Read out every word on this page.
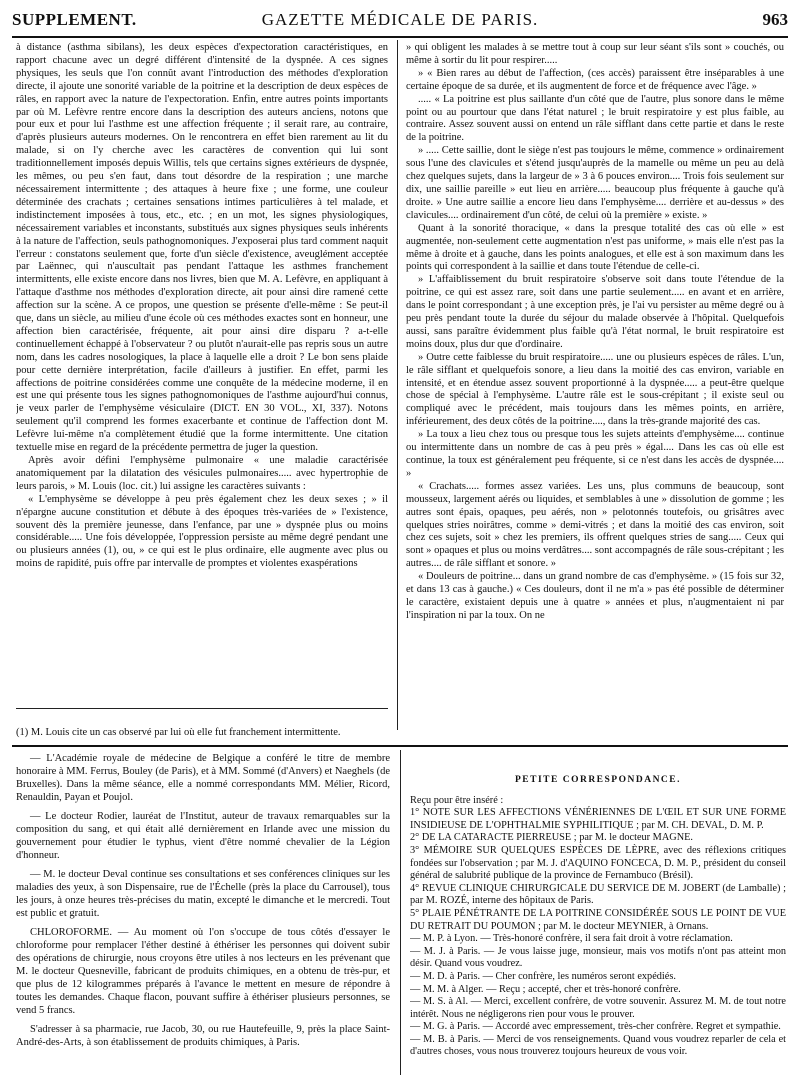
SUPPLEMENT.	GAZETTE MÉDICALE DE PARIS.	963

à distance (asthma sibilans), les deux espèces d'expectoration caractéristiques, en rapport chacune avec un degré différent d'intensité de la dyspnée. A ces signes physiques, les seuls que l'on connût avant l'introduction des méthodes d'exploration directe, il ajoute une sonorité variable de la poitrine et la description de deux espèces de râles, en rapport avec la nature de l'expectoration. Enfin, entre autres points importants par où M. Lefèvre rentre encore dans la description des auteurs anciens, notons que pour eux et pour lui l'asthme est une affection fréquente ; il serait rare, au contraire, d'après plusieurs auteurs modernes. On le rencontrera en effet bien rarement au lit du malade, si on l'y cherche avec les caractères de convention qui lui sont traditionnellement imposés depuis Willis, tels que certains signes extérieurs de dyspnée, les mêmes, ou peu s'en faut, dans tout désordre de la respiration ; une marche nécessairement intermittente ; des attaques à heure fixe ; une forme, une couleur déterminée des crachats ; certaines sensations intimes particulières à tel malade, et indistinctement imposées à tous, etc., etc. ; en un mot, les signes physiologiques, nécessairement variables et inconstants, substitués aux signes physiques seuls inhérents à la nature de l'affection, seuls pathognomoniques. J'exposerai plus tard comment naquit l'erreur : constatons seulement que, forte d'un siècle d'existence, aveuglément acceptée par Laënnec, qui n'auscultait pas pendant l'attaque les asthmes franchement intermittents, elle existe encore dans nos livres, bien que M. A. Lefèvre, en appliquant à l'attaque d'asthme nos méthodes d'exploration directe, ait pour ainsi dire ramené cette affection sur la scène. A ce propos, une question se présente d'elle-même : Se peut-il que, dans un siècle, au milieu d'une école où ces méthodes exactes sont en honneur, une affection bien caractérisée, fréquente, ait pour ainsi dire disparu ? a-t-elle continuellement échappé à l'observateur ? ou plutôt n'aurait-elle pas repris sous un autre nom, dans les cadres nosologiques, la place à laquelle elle a droit ? Le bon sens plaide pour cette dernière interprétation, facile d'ailleurs à justifier. En effet, parmi les affections de poitrine considérées comme une conquête de la médecine moderne, il en est une qui présente tous les signes pathognomoniques de l'asthme aujourd'hui connus, je veux parler de l'emphysème vésiculaire (DICT. EN 30 VOL., XI, 337). Notons seulement qu'il comprend les formes exacerbante et continue de l'affection dont M. Lefèvre lui-même n'a complètement étudié que la forme intermittente. Une citation textuelle mise en regard de la précédente permettra de juger la question.

Après avoir défini l'emphysème pulmonaire « une maladie caractérisée anatomiquement par la dilatation des vésicules pulmonaires..... avec hypertrophie de leurs parois, » M. Louis (loc. cit.) lui assigne les caractères suivants :

« L'emphysème se développe à peu près également chez les deux sexes ; » il n'épargne aucune constitution et débute à des époques très-variées de » l'existence, souvent dès la première jeunesse, dans l'enfance, par une » dyspnée plus ou moins considérable..... Une fois développée, l'oppression persiste au même degré pendant une ou plusieurs années (1), ou, » ce qui est le plus ordinaire, elle augmente avec plus ou moins de rapidité, puis offre par intervalle de promptes et violentes exaspérations

(1) M. Louis cite un cas observé par lui où elle fut franchement intermittente.

» qui obligent les malades à se mettre tout à coup sur leur séant s'ils sont » couchés, ou même à sortir du lit pour respirer.....

» « Bien rares au début de l'affection, (ces accès) paraissent être inséparables à une certaine époque de sa durée, et ils augmentent de force et de fréquence avec l'âge. »

..... « La poitrine est plus saillante d'un côté que de l'autre, plus sonore dans le même point ou au pourtour que dans l'état naturel ; le bruit respiratoire y est plus faible, au contraire. Assez souvent aussi on entend un râle sifflant dans cette partie et dans le reste de la poitrine.

» ..... Cette saillie, dont le siège n'est pas toujours le même, commence » ordinairement sous l'une des clavicules et s'étend jusqu'auprès de la mamelle ou même un peu au delà chez quelques sujets, dans la largeur de » 3 à 6 pouces environ.... Trois fois seulement sur dix, une saillie pareille » eut lieu en arrière..... beaucoup plus fréquente à gauche qu'à droite. » Une autre saillie a encore lieu dans l'emphysème.... derrière et au-dessus » des clavicules.... ordinairement d'un côté, de celui où la première » existe. »

Quant à la sonorité thoracique, « dans la presque totalité des cas où elle » est augmentée, non-seulement cette augmentation n'est pas uniforme, » mais elle n'est pas la même à droite et à gauche, dans les points analogues, et elle est à son maximum dans les points qui correspondent à la saillie et dans toute l'étendue de celle-ci.

» L'affaiblissement du bruit respiratoire s'observe soit dans toute l'étendue de la poitrine, ce qui est assez rare, soit dans une partie seulement..... en avant et en arrière, dans le point correspondant ; à une exception près, je l'ai vu persister au même degré ou à peu près pendant toute la durée du séjour du malade observée à l'hôpital. Quelquefois aussi, sans paraître évidemment plus faible qu'à l'état normal, le bruit respiratoire est moins doux, plus dur que d'ordinaire.

» Outre cette faiblesse du bruit respiratoire..... une ou plusieurs espèces de râles. L'un, le râle sifflant et quelquefois sonore, a lieu dans la moitié des cas environ, variable en intensité, et en étendue assez souvent proportionné à la dyspnée..... a peut-être quelque chose de spécial à l'emphysème. L'autre râle est le sous-crépitant ; il existe seul ou compliqué avec le précédent, mais toujours dans les mêmes points, en arrière, inférieurement, des deux côtés de la poitrine...., dans la très-grande majorité des cas.

» La toux a lieu chez tous ou presque tous les sujets atteints d'emphysème.... continue ou intermittente dans un nombre de cas à peu près » égal.... Dans les cas où elle est continue, la toux est généralement peu fréquente, si ce n'est dans les accès de dyspnée.... »

« Crachats..... formes assez variées. Les uns, plus communs de beaucoup, sont mousseux, largement aérés ou liquides, et semblables à une » dissolution de gomme ; les autres sont épais, opaques, peu aérés, non » pelotonnés toutefois, ou grisâtres avec quelques stries noirâtres, comme » demi-vitrés ; et dans la moitié des cas environ, soit chez ces sujets, soit » chez les premiers, ils offrent quelques stries de sang..... Ceux qui sont » opaques et plus ou moins verdâtres.... sont accompagnés de râle sous-crépitant ; les autres.... de râle sifflant et sonore. »

« Douleurs de poitrine... dans un grand nombre de cas d'emphysème. » (15 fois sur 32, et dans 13 cas à gauche.) « Ces douleurs, dont il ne m'a » pas été possible de déterminer le caractère, existaient depuis une à quatre » années et plus, n'augmentaient ni par l'inspiration ni par la toux. On ne

— L'Académie royale de médecine de Belgique a conféré le titre de membre honoraire à MM. Ferrus, Bouley (de Paris), et à MM. Sommé (d'Anvers) et Naeghels (de Bruxelles). Dans la même séance, elle a nommé correspondants MM. Mélier, Ricord, Renauldin, Payan et Poujol.

— Le docteur Rodier, lauréat de l'Institut, auteur de travaux remarquables sur la composition du sang, et qui était allé dernièrement en Irlande avec une mission du gouvernement pour étudier le typhus, vient d'être nommé chevalier de la Légion d'honneur.

— M. le docteur Deval continue ses consultations et ses conférences cliniques sur les maladies des yeux, à son Dispensaire, rue de l'Échelle (près la place du Carrousel), tous les jours, à onze heures très-précises du matin, excepté le dimanche et le mercredi. Tout est public et gratuit.

CHLOROFORME. — Au moment où l'on s'occupe de tous côtés d'essayer le chloroforme pour remplacer l'éther destiné à éthériser les personnes qui doivent subir des opérations de chirurgie, nous croyons être utiles à nos lecteurs en les prévenant que M. le docteur Quesneville, fabricant de produits chimiques, en a obtenu de très-pur, et que plus de 12 kilogrammes préparés à l'avance le mettent en mesure de répondre à toutes les demandes. Chaque flacon, pouvant suffire à éthériser plusieurs personnes, se vend 5 francs.

S'adresser à sa pharmacie, rue Jacob, 30, ou rue Hautefeuille, 9, près la place Saint-André-des-Arts, à son établissement de produits chimiques, à Paris.

PETITE CORRESPONDANCE.

Reçu pour être inséré :

1° NOTE SUR LES AFFECTIONS VÉNÉRIENNES DE L'ŒIL ET SUR UNE FORME INSIDIEUSE DE L'OPHTHALMIE SYPHILITIQUE ; par M. CH. DEVAL, D. M. P.

2° DE LA CATARACTE PIERREUSE ; par M. le docteur MAGNE.

3° MÉMOIRE SUR QUELQUES ESPÈCES DE LÈPRE, avec des réflexions critiques fondées sur l'observation ; par M. J. d'AQUINO FONCECA, D. M. P., président du conseil général de salubrité publique de la province de Fernambuco (Brésil).

4° REVUE CLINIQUE CHIRURGICALE DU SERVICE DE M. JOBERT (de Lamballe) ; par M. ROZÉ, interne des hôpitaux de Paris.

5° PLAIE PÉNÉTRANTE DE LA POITRINE CONSIDÉRÉE SOUS LE POINT DE VUE DU RETRAIT DU POUMON ; par M. le docteur MEYNIER, à Ornans.

— M. P. à Lyon. — Très-honoré confrère, il sera fait droit à votre réclamation.

— M. J. à Paris. — Je vous laisse juge, monsieur, mais vos motifs n'ont pas atteint mon désir. Quand vous voudrez.

— M. D. à Paris. — Cher confrère, les numéros seront expédiés.

— M. M. à Alger. — Reçu ; accepté, cher et très-honoré confrère.

— M. S. à Al. — Merci, excellent confrère, de votre souvenir. Assurez M. M. de tout notre intérêt. Nous ne négligerons rien pour vous le prouver.

— M. G. à Paris. — Accordé avec empressement, très-cher confrère. Regret et sympathie.

— M. B. à Paris. — Merci de vos renseignements. Quand vous voudrez reparler de cela et d'autres choses, vous nous trouverez toujours heureux de vous voir.
